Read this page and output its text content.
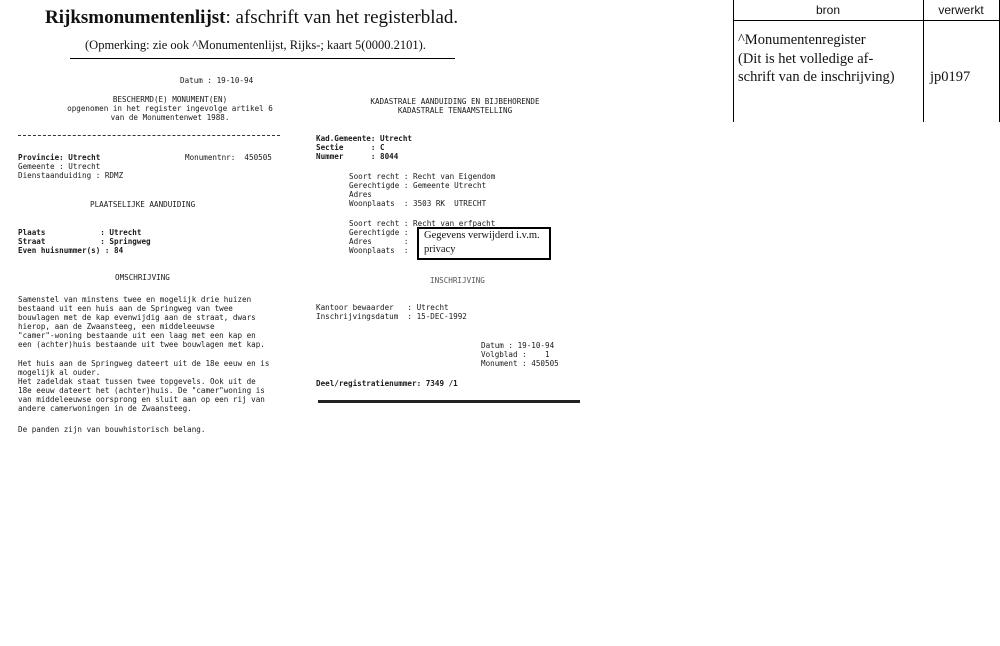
Rijksmonumentenlijst: afschrift van het registerblad.
(Opmerking: zie ook ^Monumentenlijst, Rijks-; kaart 5(0000.2101).
bron	verwerkt
^Monumentenregister
(Dit is het volledige af-
schrift van de inschrijving) jp0197
Datum : 19-10-94
BESCHERMD(E) MONUMENT(EN)
opgenomen in het register ingevolge artikel 6
van de Monumentenwet 1988.
KADASTRALE AANDUIDING EN BIJBEHORENDE
KADASTRALE TENAAMSTELLING
Provincie: Utrecht	Monumentnr:  450505
Gemeente : Utrecht
Dienstaanduiding : RDMZ
Kad.Gemeente: Utrecht
Sectie      : C
Nummer      : 8044
Soort recht : Recht van Eigendom
Gerechtigde : Gemeente Utrecht
Adres
Woonplaats  : 3503 RK  UTRECHT
Soort recht : Recht van erfpacht
Gerechtigde :
Adres       :
Woonplaats  :
Gegevens verwijderd i.v.m.
privacy
PLAATSELIJKE AANDUIDING
Plaats            : Utrecht
Straat            : Springweg
Even huisnummer(s) : 84
OMSCHRIJVING	INSCHRIJVING
Samenstel van minstens twee en mogelijk drie huizen
bestaand uit een huis aan de Springweg van twee
bouwlagen met de kap evenwijdig aan de straat, dwars
hierop, aan de Zwaansteeg, een middeleeuwse
"camer"-woning bestaande uit een laag met een kap en
een (achter)huis bestaande uit twee bouwlagen met kap.
Het huis aan de Springweg dateert uit de 18e eeuw en is
mogelijk al ouder.
Het zadeldak staat tussen twee topgevels. Ook uit de
18e eeuw dateert het (achter)huis. De "camer"woning is
van middeleeuwse oorsprong en sluit aan op een rij van
andere camerwoningen in de Zwaansteeg.
De panden zijn van bouwhistorisch belang.
Kantoor bewaarder   : Utrecht
Inschrijvingsdatum  : 15-DEC-1992
Datum : 19-10-94
Volgblad :    1
Monument : 450505
Deel/registratienummer: 7349 /1
